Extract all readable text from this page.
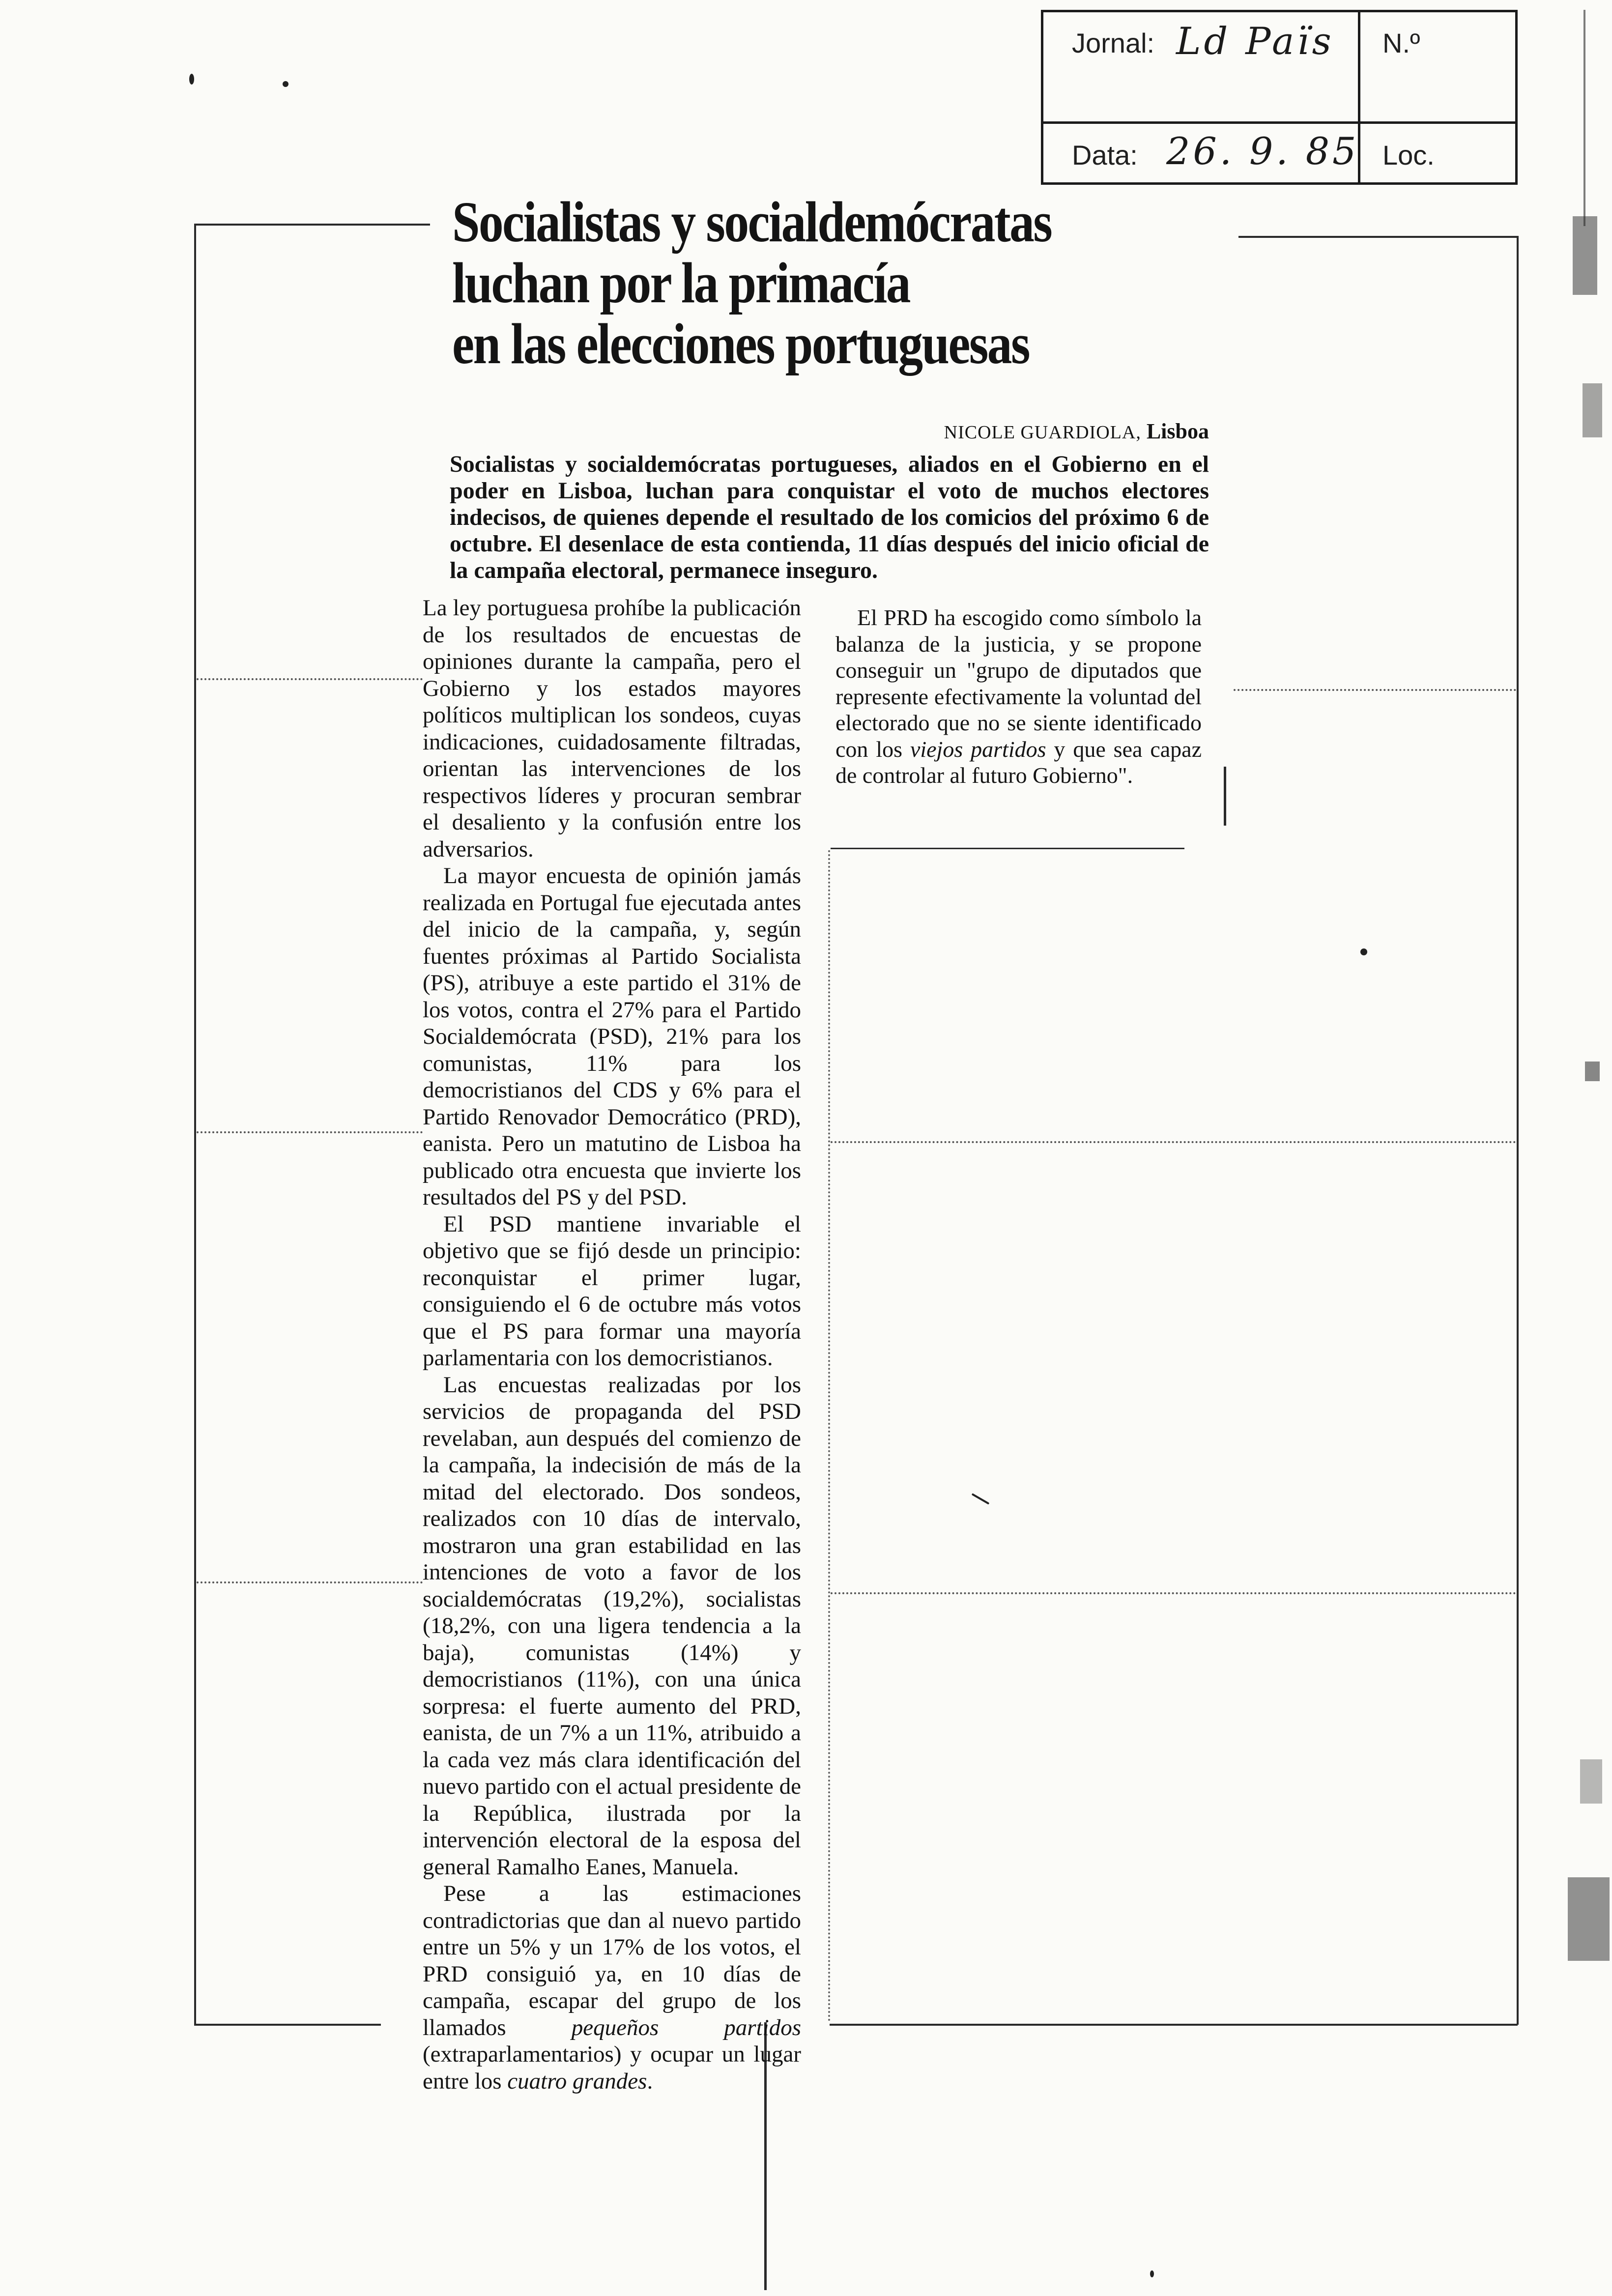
Jornal: Ld Païs N.º
Data: 26. 9. 85 Loc.
Socialistas y socialdemócratas
luchan por la primacía
en las elecciones portuguesas
NICOLE GUARDIOLA, Lisboa
Socialistas y socialdemócratas portugueses, aliados en el Gobierno en el poder en Lisboa, luchan para conquistar el voto de muchos electores indecisos, de quienes depende el resultado de los comicios del próximo 6 de octubre. El desenlace de esta contienda, 11 días después del inicio oficial de la campaña electoral, permanece inseguro.

La ley portuguesa prohíbe la publicación de los resultados de encuestas de opiniones durante la campaña, pero el Gobierno y los estados mayores políticos multiplican los sondeos, cuyas indicaciones, cuidadosamente filtradas, orientan las intervenciones de los respectivos líderes y procuran sembrar el desaliento y la confusión entre los adversarios.

La mayor encuesta de opinión jamás realizada en Portugal fue ejecutada antes del inicio de la campaña, y, según fuentes próximas al Partido Socialista (PS), atribuye a este partido el 31% de los votos, contra el 27% para el Partido Socialdemócrata (PSD), 21% para los comunistas, 11% para los democristianos del CDS y 6% para el Partido Renovador Democrático (PRD), eanista. Pero un matutino de Lisboa ha publicado otra encuesta que invierte los resultados del PS y del PSD.

El PSD mantiene invariable el objetivo que se fijó desde un principio: reconquistar el primer lugar, consiguiendo el 6 de octubre más votos que el PS para formar una mayoría parlamentaria con los democristianos.

Las encuestas realizadas por los servicios de propaganda del PSD revelaban, aun después del comienzo de la campaña, la indecisión de más de la mitad del electorado. Dos sondeos, realizados con 10 días de intervalo, mostraron una gran estabilidad en las intenciones de voto a favor de los socialdemócratas (19,2%), socialistas (18,2%, con una ligera tendencia a la baja), comunistas (14%) y democristianos (11%), con una única sorpresa: el fuerte aumento del PRD, eanista, de un 7% a un 11%, atribuido a la cada vez más clara identificación del nuevo partido con el actual presidente de la República, ilustrada por la intervención electoral de la esposa del general Ramalho Eanes, Manuela.

Pese a las estimaciones contradictorias que dan al nuevo partido entre un 5% y un 17% de los votos, el PRD consiguió ya, en 10 días de campaña, escapar del grupo de los llamados pequeños partidos (extraparlamentarios) y ocupar un lugar entre los cuatro grandes.

El PRD ha escogido como símbolo la balanza de la justicia, y se propone conseguir un "grupo de diputados que represente efectivamente la voluntad del electorado que no se siente identificado con los viejos partidos y que sea capaz de controlar al futuro Gobierno".
